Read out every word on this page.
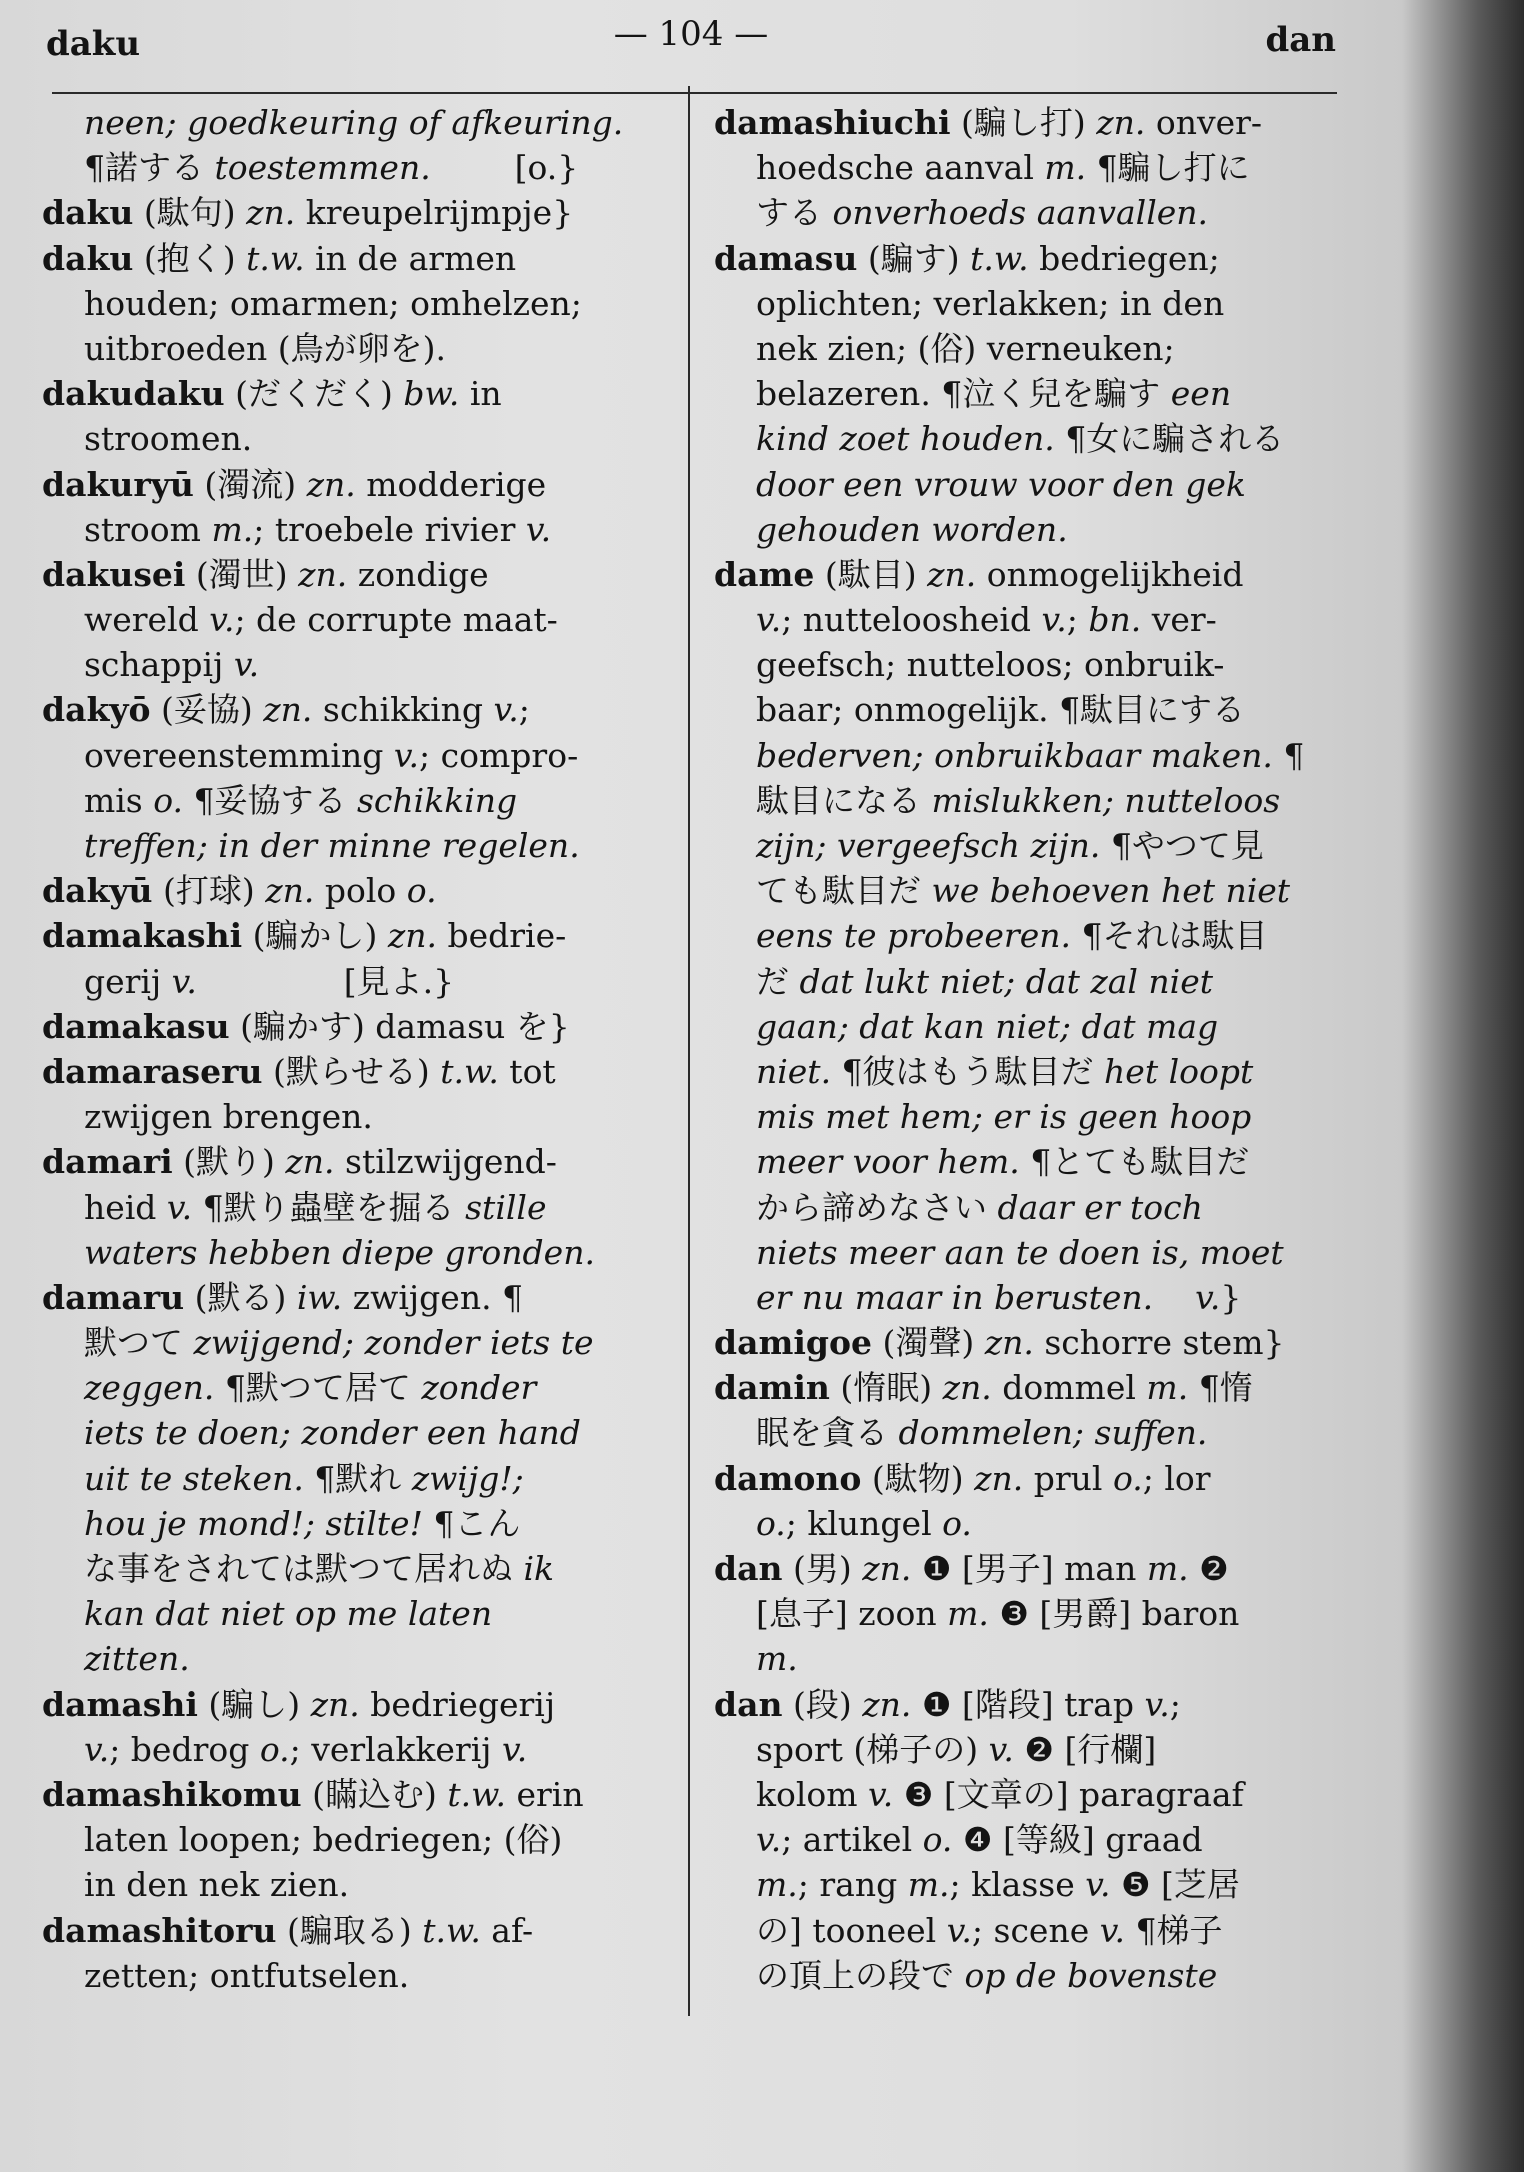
daku	— 104 —	dan
neen; goedkeuring of afkeuring.
¶諾する toestemmen.        [o.}
daku (駄句) zn. kreupelrijmpje}
daku (抱く) t.w. in de armen
houden; omarmen; omhelzen;
uitbroeden (鳥が卵を).
dakudaku (だくだく) bw. in
stroomen.
dakuryū (濁流) zn. modderige
stroom m.; troebele rivier v.
dakusei (濁世) zn. zondige
wereld v.; de corrupte maat-
schappij v.
dakyō (妥協) zn. schikking v.;
overeenstemming v.; compro-
mis o. ¶妥協する schikking
treffen; in der minne regelen.
dakyū (打球) zn. polo o.
damakashi (騙かし) zn. bedrie-
gerij v.              [見よ.}
damakasu (騙かす) damasu を}
damaraseru (默らせる) t.w. tot
zwijgen brengen.
damari (默り) zn. stilzwijgend-
heid v. ¶默り蟲壁を掘る stille
waters hebben diepe gronden.
damaru (默る) iw. zwijgen. ¶
默つて zwijgend; zonder iets te
zeggen. ¶默つて居て zonder
iets te doen; zonder een hand
uit te steken. ¶默れ zwijg!;
hou je mond!; stilte! ¶こん
な事をされては默つて居れぬ ik
kan dat niet op me laten
zitten.
damashi (騙し) zn. bedriegerij
v.; bedrog o.; verlakkerij v.
damashikomu (瞞込む) t.w. erin
laten loopen; bedriegen; (俗)
in den nek zien.
damashitoru (騙取る) t.w. af-
zetten; ontfutselen.
damashiuchi (騙し打) zn. onver-
hoedsche aanval m. ¶騙し打に
する onverhoeds aanvallen.
damasu (騙す) t.w. bedriegen;
oplichten; verlakken; in den
nek zien; (俗) verneuken;
belazeren. ¶泣く兒を騙す een
kind zoet houden. ¶女に騙される
door een vrouw voor den gek
gehouden worden.
dame (駄目) zn. onmogelijkheid
v.; nutteloosheid v.; bn. ver-
geefsch; nutteloos; onbruik-
baar; onmogelijk. ¶駄目にする
bederven; onbruikbaar maken. ¶
駄目になる mislukken; nutteloos
zijn; vergeefsch zijn. ¶やつて見
ても駄目だ we behoeven het niet
eens te probeeren. ¶それは駄目
だ dat lukt niet; dat zal niet
gaan; dat kan niet; dat mag
niet. ¶彼はもう駄目だ het loopt
mis met hem; er is geen hoop
meer voor hem. ¶とても駄目だ
から諦めなさい daar er toch
niets meer aan te doen is, moet
er nu maar in berusten. v.}
damigoe (濁聲) zn. schorre stem}
damin (惰眠) zn. dommel m. ¶惰
眠を貪る dommelen; suffen.
damono (駄物) zn. prul o.; lor
o.; klungel o.
dan (男) zn. ❶ [男子] man m. ❷
[息子] zoon m. ❸ [男爵] baron
m.
dan (段) zn. ❶ [階段] trap v.;
sport (梯子の) v. ❷ [行欄]
kolom v. ❸ [文章の] paragraaf
v.; artikel o. ❹ [等級] graad
m.; rang m.; klasse v. ❺ [芝居
の] tooneel v.; scene v. ¶梯子
の頂上の段で op de bovenste
